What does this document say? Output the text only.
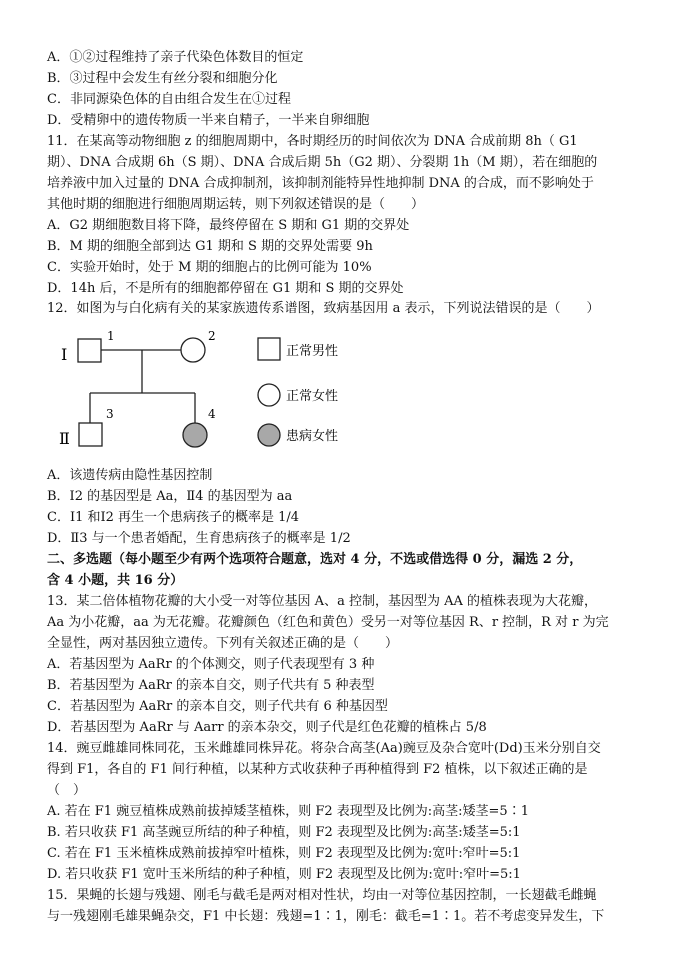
A．①②过程维持了亲子代染色体数目的恒定
B．③过程中会发生有丝分裂和细胞分化
C．非同源染色体的自由组合发生在①过程
D．受精卵中的遗传物质一半来自精子，一半来自卵细胞
11．在某高等动物细胞 z 的细胞周期中，各时期经历的时间依次为 DNA 合成前期 8h（ G1
期）、DNA 合成期 6h（S 期）、DNA 合成后期 5h（G2 期）、分裂期 1h（M 期），若在细胞的
培养液中加入过量的 DNA 合成抑制剂，该抑制剂能特异性地抑制 DNA 的合成，而不影响处于
其他时期的细胞进行细胞周期运转，则下列叙述错误的是（　　）
A．G2 期细胞数目将下降，最终停留在 S 期和 G1 期的交界处
B．M 期的细胞全部到达 G1 期和 S 期的交界处需要 9h
C．实验开始时，处于 M 期的细胞占的比例可能为 10%
D．14h 后，不是所有的细胞都停留在 G1 期和 S 期的交界处
12．如图为与白化病有关的某家族遗传系谱图，致病基因用 a 表示，下列说法错误的是（　　）
Ⅰ
Ⅱ
1	2
3	4
正常男性
正常女性
患病女性
A．该遗传病由隐性基因控制
B．Ⅰ2 的基因型是 Aa，Ⅱ4 的基因型为 aa
C．Ⅰ1 和Ⅰ2 再生一个患病孩子的概率是 1/4
D．Ⅱ3 与一个患者婚配，生育患病孩子的概率是 1/2
二、多选题（每小题至少有两个选项符合题意，选对 4 分，不选或借选得 0 分，漏选 2 分，
含 4 小题，共 16 分）
13．某二倍体植物花瓣的大小受一对等位基因 A、a 控制，基因型为 AA 的植株表现为大花瓣，
Aa 为小花瓣，aa 为无花瓣。花瓣颜色（红色和黄色）受另一对等位基因 R、r 控制，R 对 r 为完
全显性，两对基因独立遗传。下列有关叙述正确的是（　　）
A．若基因型为 AaRr 的个体测交，则子代表现型有 3 种
B．若基因型为 AaRr 的亲本自交，则子代共有 5 种表型
C．若基因型为 AaRr 的亲本自交，则子代共有 6 种基因型
D．若基因型为 AaRr 与 Aarr 的亲本杂交，则子代是红色花瓣的植株占 5/8
14．豌豆雌雄同株同花，玉米雌雄同株异花。将杂合高茎(Aa)豌豆及杂合宽叶(Dd)玉米分别自交
得到 F1，各自的 F1 间行种植，以某种方式收获种子再种植得到 F2 植株，以下叙述正确的是
（　）
A. 若在 F1 豌豆植株成熟前拔掉矮茎植株，则 F2 表现型及比例为:高茎:矮茎=5∶1
B. 若只收获 F1 高茎豌豆所结的种子种植，则 F2 表现型及比例为:高茎:矮茎=5:1
C. 若在 F1 玉米植株成熟前拔掉窄叶植株，则 F2 表现型及比例为:宽叶:窄叶=5:1
D. 若只收获 F1 宽叶玉米所结的种子种植，则 F2 表现型及比例为:宽叶:窄叶=5:1
15．果蝇的长翅与残翅、刚毛与截毛是两对相对性状，均由一对等位基因控制，一长翅截毛雌蝇
与一残翅刚毛雄果蝇杂交，F1 中长翅：残翅=1∶1，刚毛：截毛=1∶1。若不考虑变异发生，下
